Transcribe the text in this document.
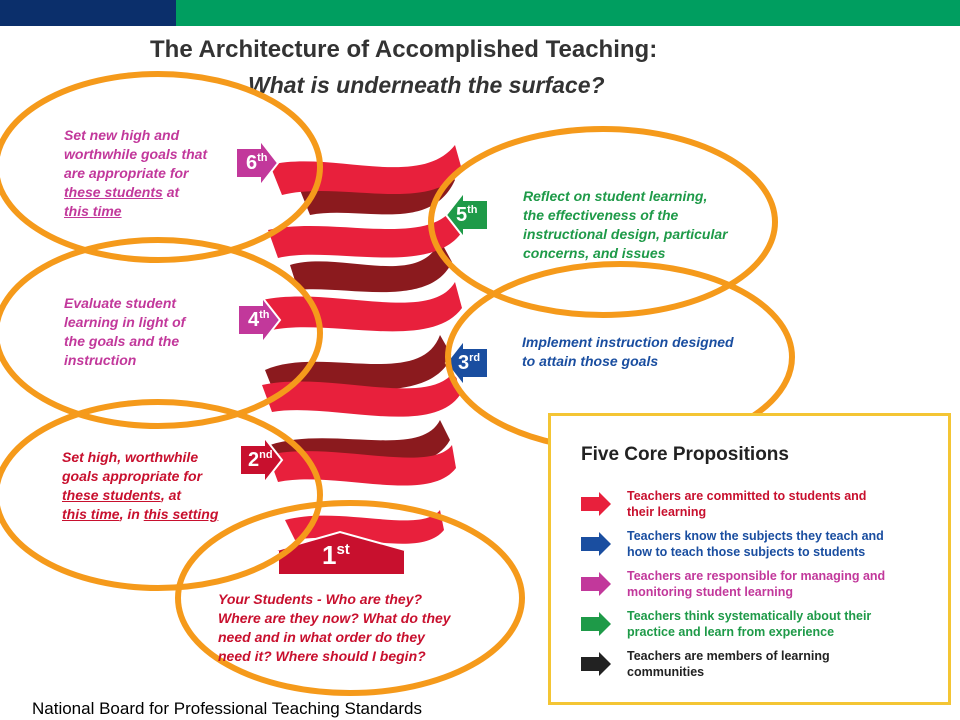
The Architecture of Accomplished Teaching:
What is underneath the surface?
6th
5th
4th
3rd
2nd
1st
Set new high and
worthwhile goals that
are appropriate for
these students at
this time
Reflect on student learning,
the effectiveness of the
instructional design, particular
concerns, and issues
Evaluate student
learning in light of
the goals and the
instruction
Implement instruction designed
to attain those goals
Set high, worthwhile
goals appropriate for
these students, at
this time, in this setting
Your Students - Who are they?
Where are they now? What do they
need and in what order do they
need it? Where should I begin?
Five Core Propositions
Teachers are committed to students and
their learning
Teachers know the subjects they teach and
how to teach those subjects to students
Teachers are responsible for managing and
monitoring student learning
Teachers think systematically about their
practice and learn from experience
Teachers are members of learning
communities
National Board for Professional Teaching Standards
